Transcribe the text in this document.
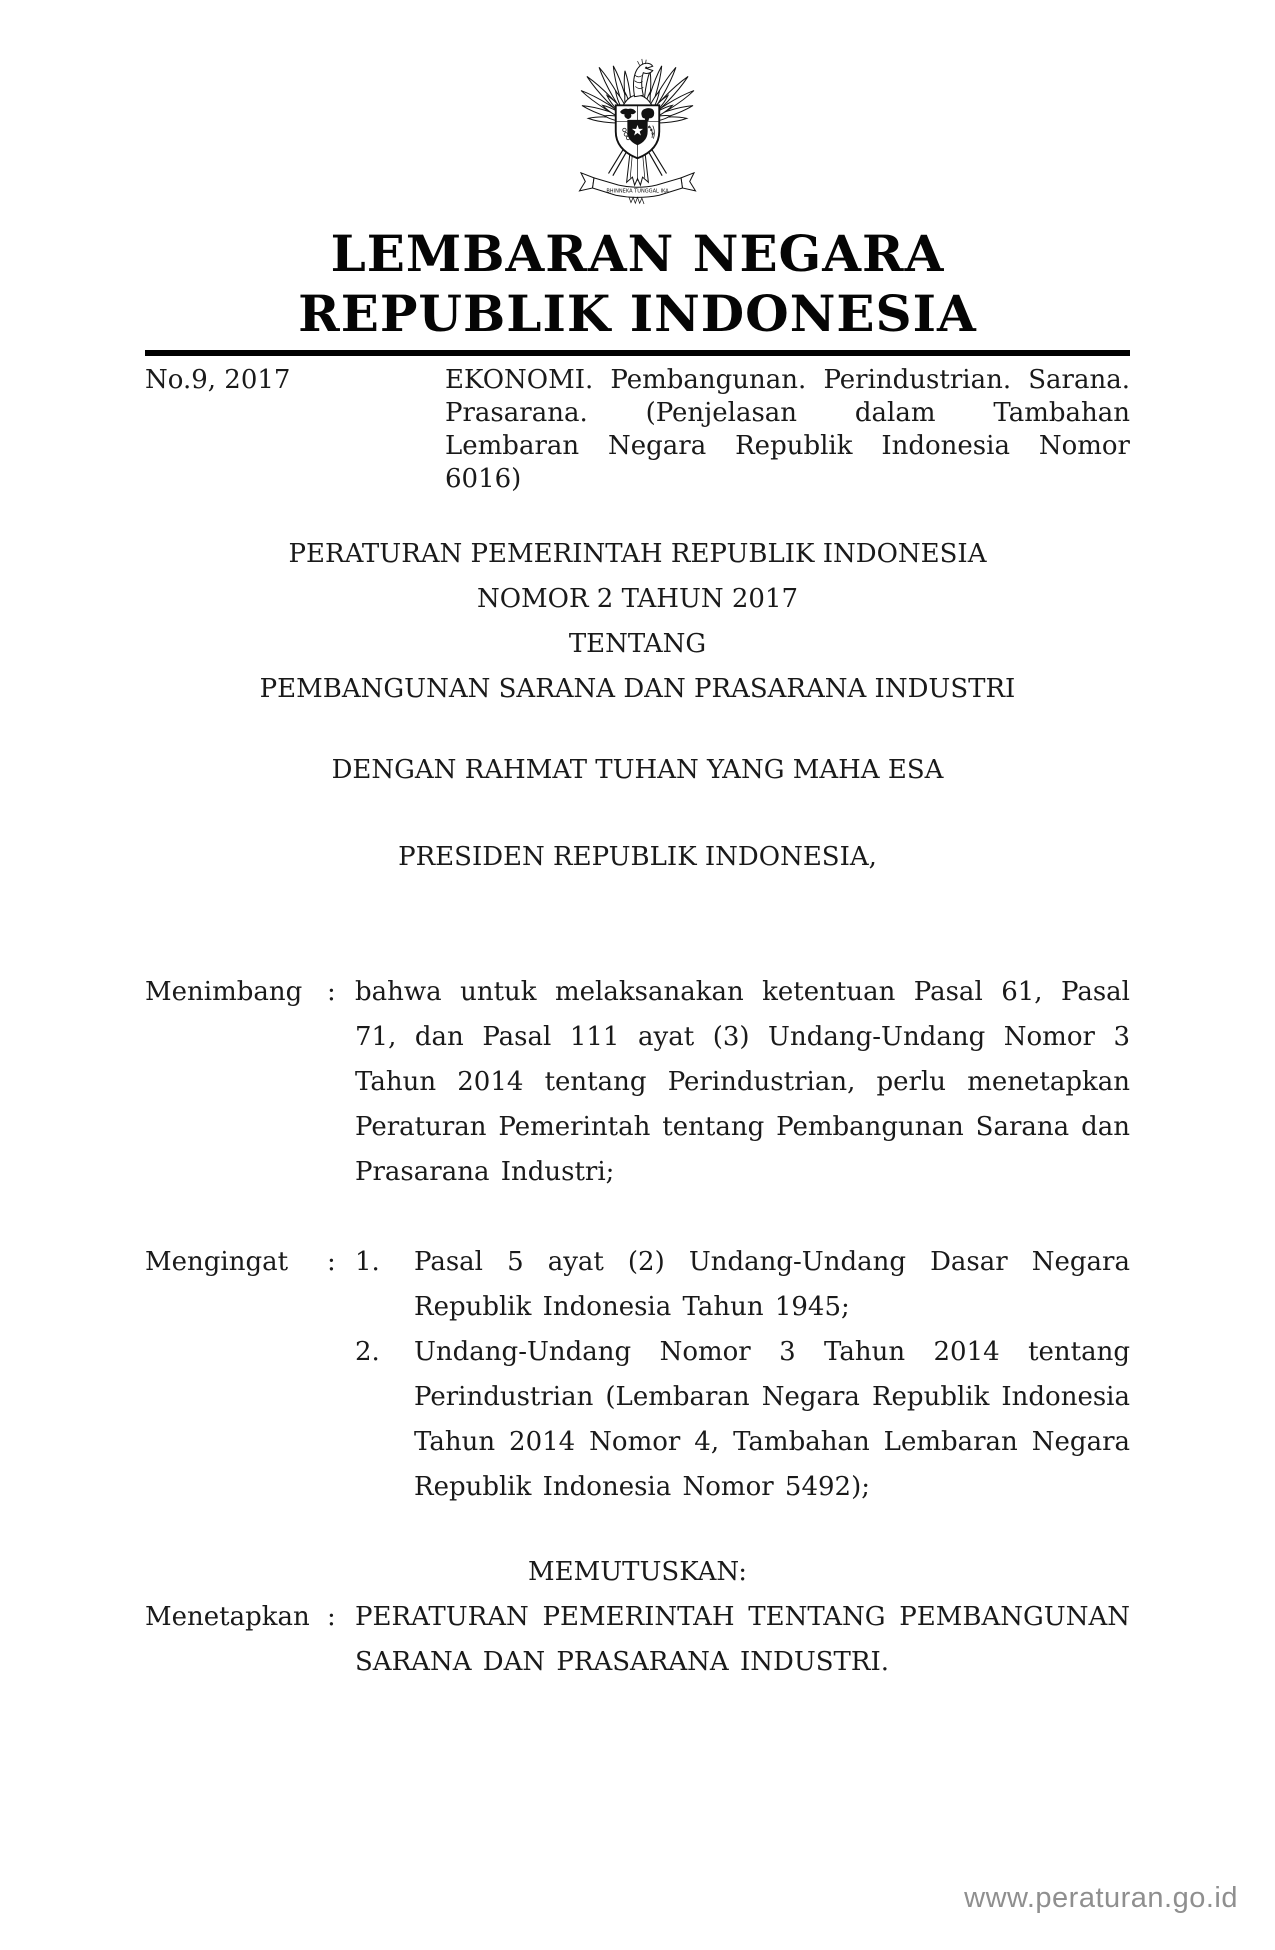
BHINNEKA TUNGGAL IKA
LEMBARAN NEGARA
REPUBLIK INDONESIA
No.9, 2017	EKONOMI. Pembangunan. Perindustrian. Sarana. Prasarana. (Penjelasan dalam Tambahan Lembaran Negara Republik Indonesia Nomor 6016)
PERATURAN PEMERINTAH REPUBLIK INDONESIA
NOMOR 2 TAHUN 2017
TENTANG
PEMBANGUNAN SARANA DAN PRASARANA INDUSTRI
DENGAN RAHMAT TUHAN YANG MAHA ESA
PRESIDEN REPUBLIK INDONESIA,
Menimbang : bahwa untuk melaksanakan ketentuan Pasal 61, Pasal 71, dan Pasal 111 ayat (3) Undang-Undang Nomor 3 Tahun 2014 tentang Perindustrian, perlu menetapkan Peraturan Pemerintah tentang Pembangunan Sarana dan Prasarana Industri;
Mengingat	: 1.	Pasal 5 ayat (2) Undang-Undang Dasar Negara Republik Indonesia Tahun 1945;
2.	Undang-Undang Nomor 3 Tahun 2014 tentang Perindustrian (Lembaran Negara Republik Indonesia Tahun 2014 Nomor 4, Tambahan Lembaran Negara Republik Indonesia Nomor 5492);
MEMUTUSKAN:
Menetapkan : PERATURAN PEMERINTAH TENTANG PEMBANGUNAN SARANA DAN PRASARANA INDUSTRI.
www.peraturan.go.id
